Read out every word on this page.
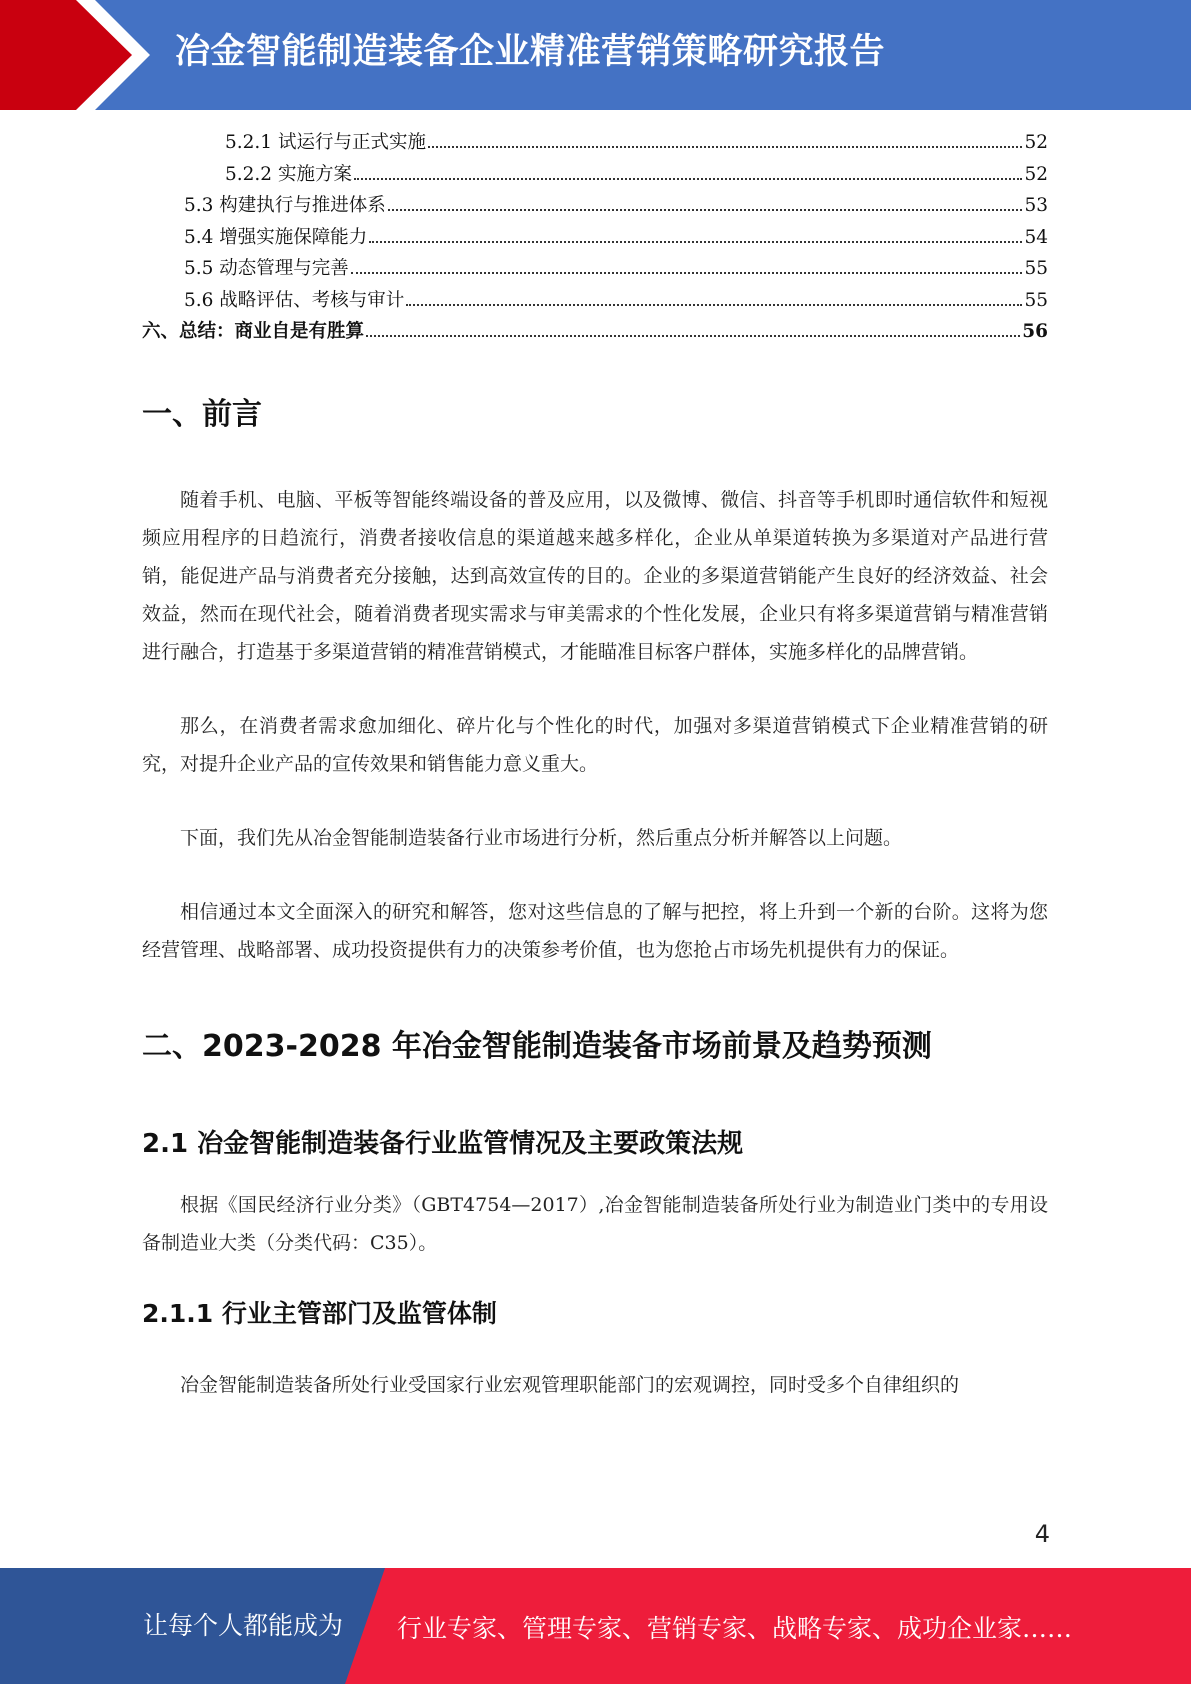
冶金智能制造装备企业精准营销策略研究报告
5.2.1 试运行与正式实施	52
5.2.2 实施方案	52
5.3 构建执行与推进体系	53
5.4 增强实施保障能力	54
5.5 动态管理与完善	55
5.6 战略评估、考核与审计	55
六、总结：商业自是有胜算	56
一、前言

随着手机、电脑、平板等智能终端设备的普及应用，以及微博、微信、抖音等手机即时通信软件和短视频应用程序的日趋流行，消费者接收信息的渠道越来越多样化，企业从单渠道转换为多渠道对产品进行营销，能促进产品与消费者充分接触，达到高效宣传的目的。企业的多渠道营销能产生良好的经济效益、社会效益，然而在现代社会，随着消费者现实需求与审美需求的个性化发展，企业只有将多渠道营销与精准营销进行融合，打造基于多渠道营销的精准营销模式，才能瞄准目标客户群体，实施多样化的品牌营销。

那么，在消费者需求愈加细化、碎片化与个性化的时代，加强对多渠道营销模式下企业精准营销的研究，对提升企业产品的宣传效果和销售能力意义重大。

下面，我们先从冶金智能制造装备行业市场进行分析，然后重点分析并解答以上问题。

相信通过本文全面深入的研究和解答，您对这些信息的了解与把控，将上升到一个新的台阶。这将为您经营管理、战略部署、成功投资提供有力的决策参考价值，也为您抢占市场先机提供有力的保证。

二、2023-2028 年冶金智能制造装备市场前景及趋势预测
2.1 冶金智能制造装备行业监管情况及主要政策法规

根据《国民经济行业分类》（GBT4754—2017）,冶金智能制造装备所处行业为制造业门类中的专用设备制造业大类（分类代码：C35）。

2.1.1 行业主管部门及监管体制

冶金智能制造装备所处行业受国家行业宏观管理职能部门的宏观调控，同时受多个自律组织的

4
让每个人都能成为 行业专家、管理专家、营销专家、战略专家、成功企业家……
